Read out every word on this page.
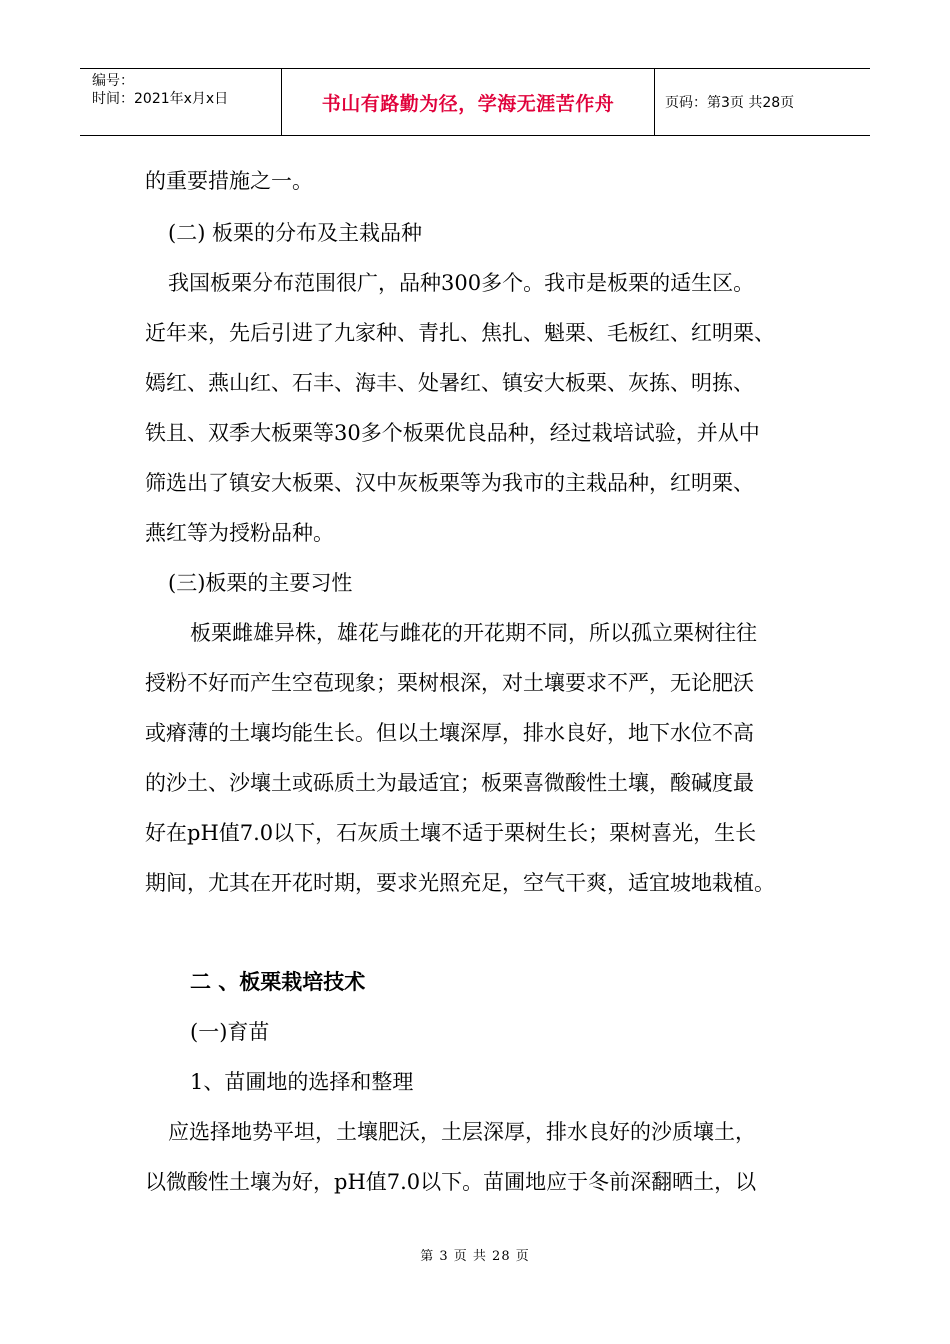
编号：
时间：2021年x月x日	书山有路勤为径，学海无涯苦作舟	页码：第3页 共28页
的重要措施之一。
(二) 板栗的分布及主栽品种
我国板栗分布范围很广，品种300多个。我市是板栗的适生区。
近年来，先后引进了九家种、青扎、焦扎、魁栗、毛板红、红明栗、
嫣红、燕山红、石丰、海丰、处暑红、镇安大板栗、灰拣、明拣、
铁且、双季大板栗等30多个板栗优良品种，经过栽培试验，并从中
筛选出了镇安大板栗、汉中灰板栗等为我市的主栽品种，红明栗、
燕红等为授粉品种。
(三)板栗的主要习性
板栗雌雄异株，雄花与雌花的开花期不同，所以孤立栗树往往
授粉不好而产生空苞现象；栗树根深，对土壤要求不严，无论肥沃
或瘠薄的土壤均能生长。但以土壤深厚，排水良好，地下水位不高
的沙土、沙壤土或砾质土为最适宜；板栗喜微酸性土壤，酸碱度最
好在pH值7.0以下，石灰质土壤不适于栗树生长；栗树喜光，生长
期间，尤其在开花时期，要求光照充足，空气干爽，适宜坡地栽植。
二 、板栗栽培技术
(一)育苗
1、苗圃地的选择和整理
应选择地势平坦，土壤肥沃，土层深厚，排水良好的沙质壤土，
以微酸性土壤为好，pH值7.0以下。苗圃地应于冬前深翻晒土，以
第 3 页 共 28 页
